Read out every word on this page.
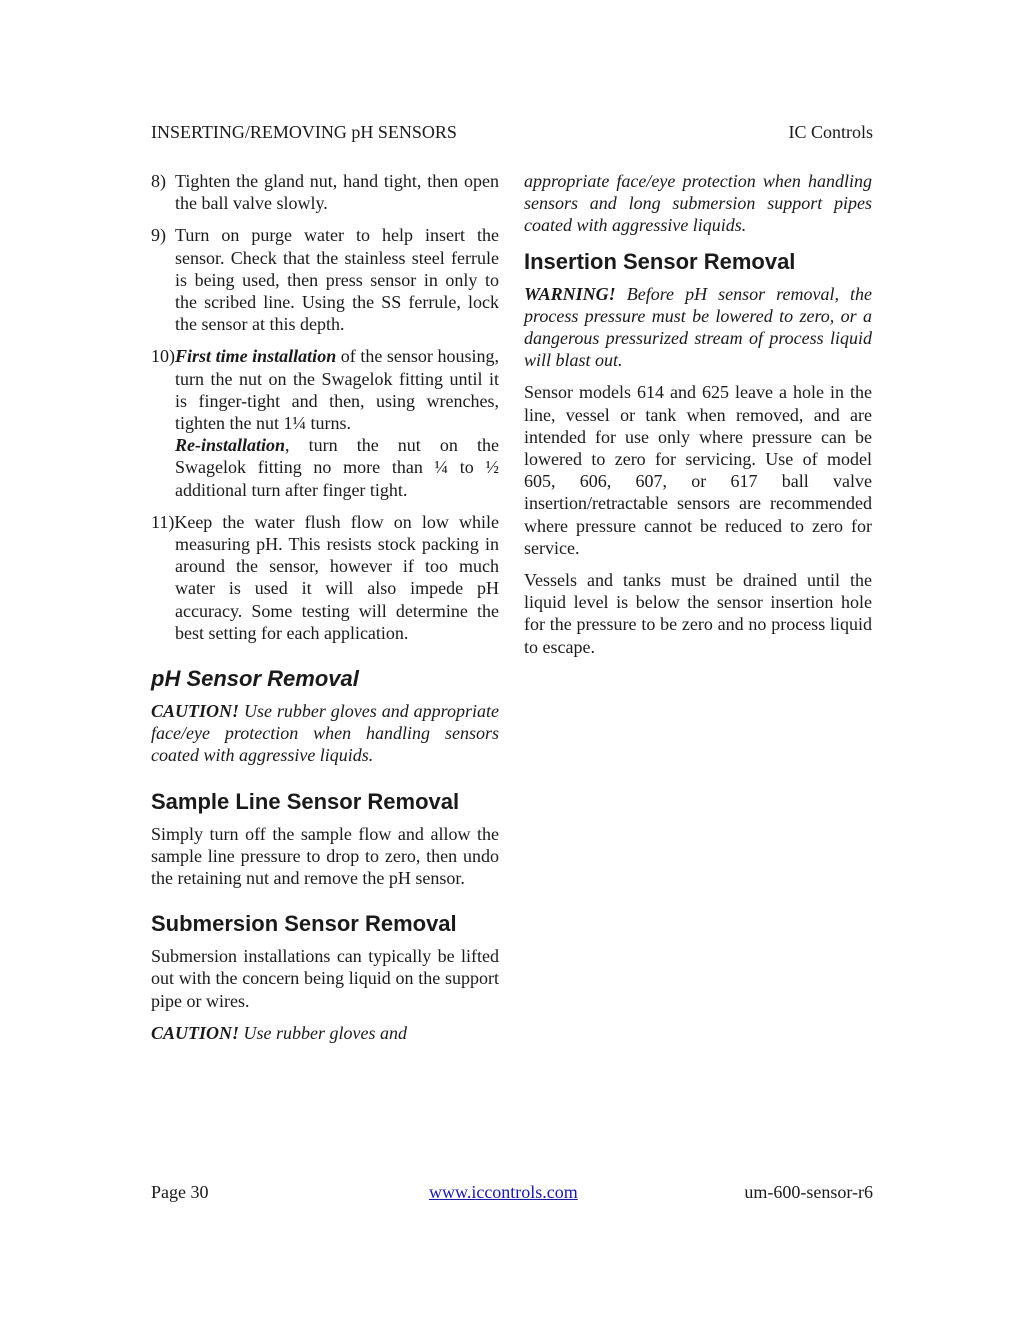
INSERTING/REMOVING pH SENSORS	IC Controls
8) Tighten the gland nut, hand tight, then open the ball valve slowly.
9) Turn on purge water to help insert the sensor. Check that the stainless steel ferrule is being used, then press sensor in only to the scribed line. Using the SS ferrule, lock the sensor at this depth.
10)First time installation of the sensor housing, turn the nut on the Swagelok fitting until it is finger-tight and then, using wrenches, tighten the nut 1¼ turns.
Re-installation, turn the nut on the Swagelok fitting no more than ¼ to ½ additional turn after finger tight.
11)Keep the water flush flow on low while measuring pH. This resists stock packing in around the sensor, however if too much water is used it will also impede pH accuracy. Some testing will determine the best setting for each application.
pH Sensor Removal

CAUTION! Use rubber gloves and appropriate face/eye protection when handling sensors coated with aggressive liquids.

Sample Line Sensor Removal

Simply turn off the sample flow and allow the sample line pressure to drop to zero, then undo the retaining nut and remove the pH sensor.

Submersion Sensor Removal

Submersion installations can typically be lifted out with the concern being liquid on the support pipe or wires.

CAUTION! Use rubber gloves and

appropriate face/eye protection when handling sensors and long submersion support pipes coated with aggressive liquids.

Insertion Sensor Removal

WARNING! Before pH sensor removal, the process pressure must be lowered to zero, or a dangerous pressurized stream of process liquid will blast out.

Sensor models 614 and 625 leave a hole in the line, vessel or tank when removed, and are intended for use only where pressure can be lowered to zero for servicing. Use of model 605, 606, 607, or 617 ball valve insertion/retractable sensors are recommended where pressure cannot be reduced to zero for service.

Vessels and tanks must be drained until the liquid level is below the sensor insertion hole for the pressure to be zero and no process liquid to escape.

Page 30	www.iccontrols.com	um-600-sensor-r6
